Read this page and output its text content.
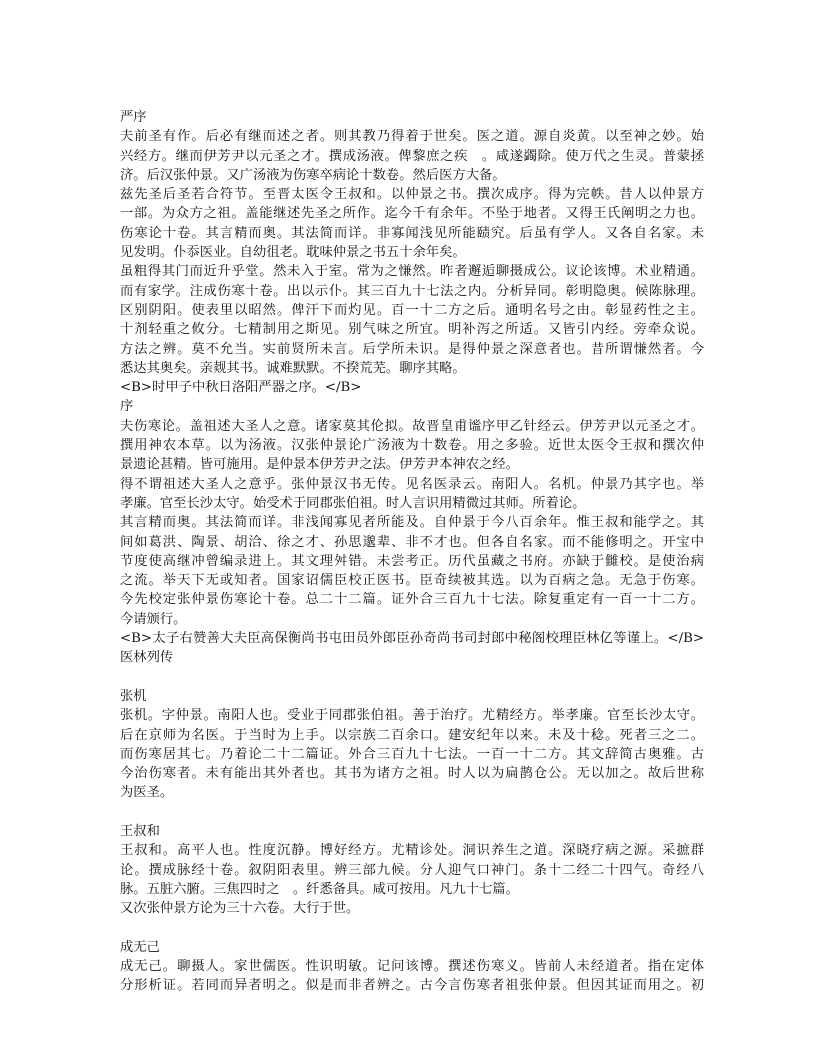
严序
夫前圣有作。后必有继而述之者。则其教乃得着于世矣。医之道。源自炎黄。以至神之妙。始
兴经方。继而伊芳尹以元圣之才。撰成汤液。俾黎庶之疾　。咸遂蠲除。使万代之生灵。普蒙拯
济。后汉张仲景。又广汤液为伤寒卒病论十数卷。然后医方大备。
兹先圣后圣若合符节。至晋太医令王叔和。以仲景之书。撰次成序。得为完帙。昔人以仲景方
一部。为众方之祖。盖能继述先圣之所作。迄今千有余年。不坠于地者。又得王氏阐明之力也。
伤寒论十卷。其言精而奥。其法简而详。非寡闻浅见所能赜究。后虽有学人。又各自名家。未
见发明。仆忝医业。自幼徂老。耽味仲景之书五十余年矣。
虽粗得其门而近升乎堂。然未入于室。常为之慊然。昨者邂逅聊摄成公。议论该博。术业精通。
而有家学。注成伤寒十卷。出以示仆。其三百九十七法之内。分析异同。彰明隐奥。候陈脉理。
区别阴阳。使表里以昭然。俾汗下而灼见。百一十二方之后。通明名号之由。彰显药性之主。
十剂轻重之攸分。七精制用之斯见。别气味之所宜。明补泻之所适。又皆引内经。旁牵众说。
方法之辨。莫不允当。实前贤所未言。后学所未识。是得仲景之深意者也。昔所谓慊然者。今
悉达其奥矣。亲觌其书。诚难默默。不揆荒芜。聊序其略。
<B>时甲子中秋日洛阳严器之序。</B>
序
夫伤寒论。盖祖述大圣人之意。诸家莫其伦拟。故晋皇甫谧序甲乙针经云。伊芳尹以元圣之才。
撰用神农本草。以为汤液。汉张仲景论广汤液为十数卷。用之多验。近世太医令王叔和撰次仲
景遗论甚精。皆可施用。是仲景本伊芳尹之法。伊芳尹本神农之经。
得不谓祖述大圣人之意乎。张仲景汉书无传。见名医录云。南阳人。名机。仲景乃其字也。举
孝廉。官至长沙太守。始受术于同郡张伯祖。时人言识用精微过其师。所着论。
其言精而奥。其法简而详。非浅闻寡见者所能及。自仲景于今八百余年。惟王叔和能学之。其
间如葛洪、陶景、胡洽、徐之才、孙思邈辈、非不才也。但各自名家。而不能修明之。开宝中
节度使高继冲曾编录进上。其文理舛错。未尝考正。历代虽藏之书府。亦缺于雠校。是使治病
之流。举天下无或知者。国家诏儒臣校正医书。臣奇续被其选。以为百病之急。无急于伤寒。
今先校定张仲景伤寒论十卷。总二十二篇。证外合三百九十七法。除复重定有一百一十二方。
今请颁行。
<B>太子右赞善大夫臣高保衡尚书屯田员外郎臣孙奇尚书司封郎中秘阁校理臣林亿等谨上。</B>
医林列传
张机
张机。字仲景。南阳人也。受业于同郡张伯祖。善于治疗。尤精经方。举孝廉。官至长沙太守。
后在京师为名医。于当时为上手。以宗族二百余口。建安纪年以来。未及十稔。死者三之二。
而伤寒居其七。乃着论二十二篇证。外合三百九十七法。一百一十二方。其文辞简古奥雅。古
今治伤寒者。未有能出其外者也。其书为诸方之祖。时人以为扁鹊仓公。无以加之。故后世称
为医圣。
王叔和
王叔和。高平人也。性度沉静。博好经方。尤精诊处。洞识养生之道。深晓疗病之源。采摭群
论。撰成脉经十卷。叙阴阳表里。辨三部九候。分人迎气口神门。条十二经二十四气。奇经八
脉。五脏六腑。三焦四时之　。纤悉备具。咸可按用。凡九十七篇。
又次张仲景方论为三十六卷。大行于世。
成无己
成无己。聊摄人。家世儒医。性识明敏。记问该博。撰述伤寒义。皆前人未经道者。指在定体
分形析证。若同而异者明之。似是而非者辨之。古今言伤寒者祖张仲景。但因其证而用之。初
